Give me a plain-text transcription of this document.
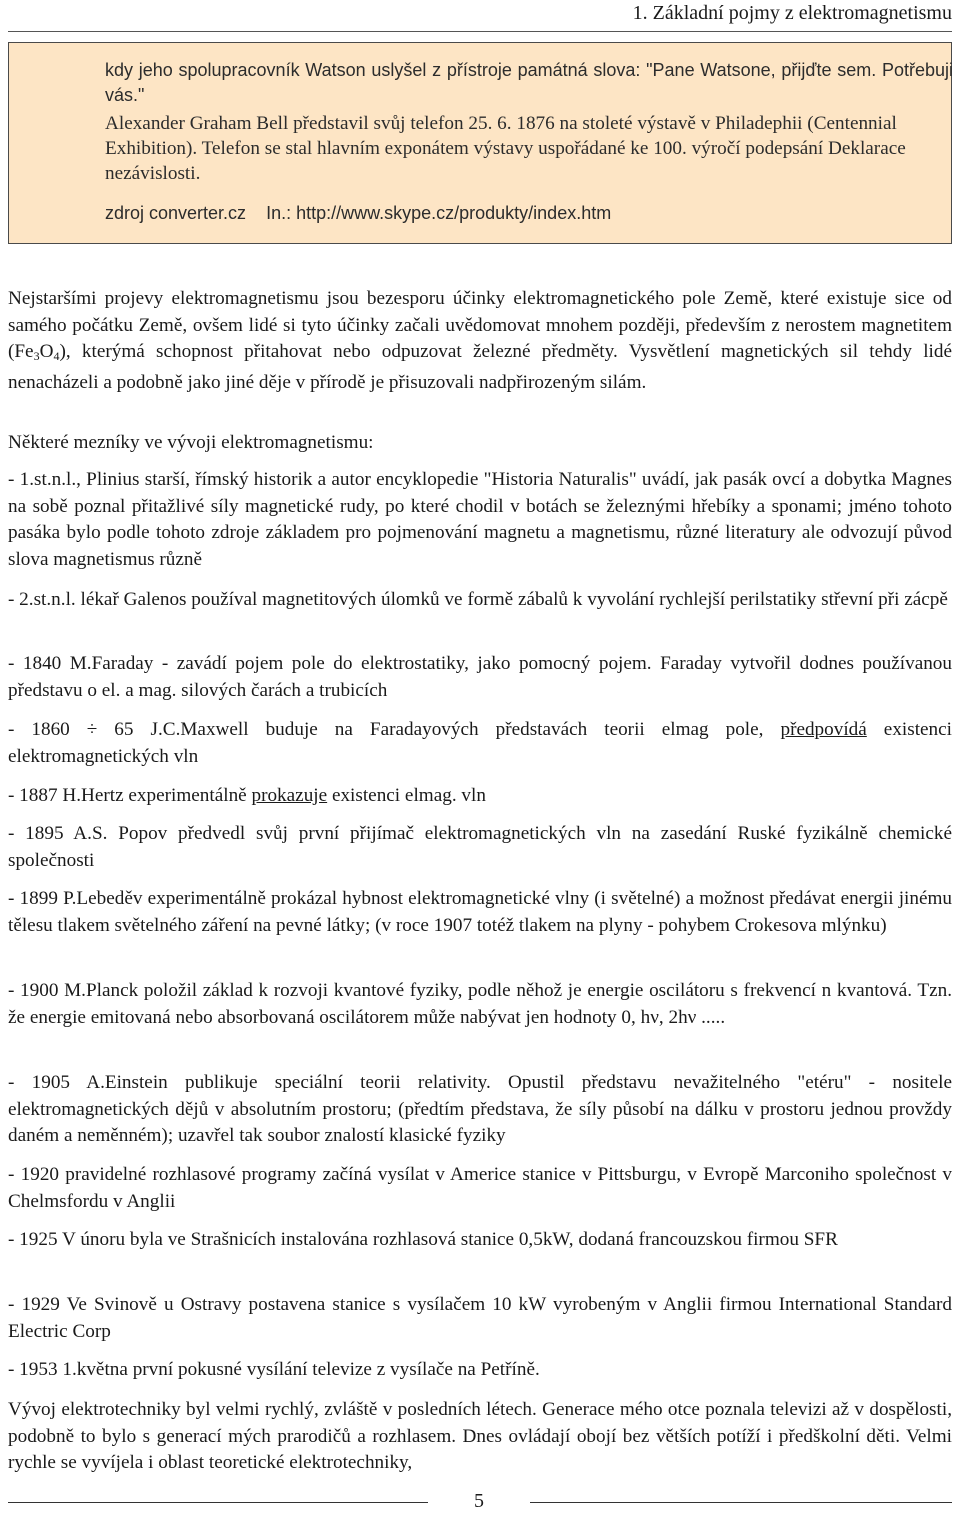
1. Základní pojmy z elektromagnetismu

kdy jeho spolupracovník Watson uslyšel z přístroje památná slova: "Pane Watsone, přijďte sem. Potřebuji vás."

Alexander Graham Bell představil svůj telefon 25. 6. 1876 na stoleté výstavě v Philadephii (Centennial Exhibition). Telefon se stal hlavním exponátem výstavy uspořádané ke 100. výročí podepsání Deklarace nezávislosti.

zdroj converter.cz In.: http://www.skype.cz/produkty/index.htm

Nejstaršími projevy elektromagnetismu jsou bezesporu účinky elektromagnetického pole Země, které existuje sice od samého počátku Země, ovšem lidé si tyto účinky začali uvědomovat mnohem později, především z nerostem magnetitem $(Fe_3O_4)$, kterýmá schopnost přitahovat nebo odpuzovat železné předměty. Vysvětlení magnetických sil tehdy lidé nenacházeli a podobně jako jiné děje v přírodě je přisuzovali nadpřirozeným silám.

Některé mezníky ve vývoji elektromagnetismu:
- 1.st.n.l., Plinius starší, římský historik a autor encyklopedie "Historia Naturalis" uvádí, jak pasák ovcí a dobytka Magnes na sobě poznal přitažlivé síly magnetické rudy, po které chodil v botách se železnými hřebíky a sponami; jméno tohoto pasáka bylo podle tohoto zdroje základem pro pojmenování magnetu a magnetismu, různé literatury ale odvozují původ slova magnetismus různě
- 2.st.n.l. lékař Galenos používal magnetitových úlomků ve formě zábalů k vyvolání rychlejší perilstatiky střevní při zácpě
- 1840 M.Faraday - zavádí pojem pole do elektrostatiky, jako pomocný pojem. Faraday vytvořil dodnes používanou představu o el. a mag. silových čarách a trubicích
- 1860 ÷ 65 J.C.Maxwell buduje na Faradayových představách teorii elmag pole, předpovídá existenci elektromagnetických vln
- 1887 H.Hertz experimentálně prokazuje existenci elmag. vln
- 1895 A.S. Popov předvedl svůj první přijímač elektromagnetických vln na zasedání Ruské fyzikálně chemické společnosti
- 1899 P.Lebeděv experimentálně prokázal hybnost elektromagnetické vlny (i světelné) a možnost předávat energii jinému tělesu tlakem světelného záření na pevné látky; (v roce 1907 totéž tlakem na plyny - pohybem Crokesova mlýnku)
- 1900 M.Planck položil základ k rozvoji kvantové fyziky, podle něhož je energie oscilátoru s frekvencí n kvantová. Tzn. že energie emitovaná nebo absorbovaná oscilátorem může nabývat jen hodnoty 0, hν, 2hν .....
- 1905 A.Einstein publikuje speciální teorii relativity. Opustil představu nevažitelného "etéru" - nositele elektromagnetických dějů v absolutním prostoru; (předtím představa, že síly působí na dálku v prostoru jednou provždy daném a neměnném); uzavřel tak soubor znalostí klasické fyziky
- 1920 pravidelné rozhlasové programy začíná vysílat v Americe stanice v Pittsburgu, v Evropě Marconiho společnost v Chelmsfordu v Anglii
- 1925 V únoru byla ve Strašnicích instalována rozhlasová stanice 0,5kW, dodaná francouzskou firmou SFR
- 1929 Ve Svinově u Ostravy postavena stanice s vysílačem 10 kW vyrobeným v Anglii firmou International Standard Electric Corp
- 1953 1.května první pokusné vysílání televize z vysílače na Petříně.
Vývoj elektrotechniky byl velmi rychlý, zvláště v posledních létech. Generace mého otce poznala televizi až v dospělosti, podobně to bylo s generací mých prarodičů a rozhlasem. Dnes ovládají obojí bez větších potíží i předškolní děti. Velmi rychle se vyvíjela i oblast teoretické elektrotechniky,
5
